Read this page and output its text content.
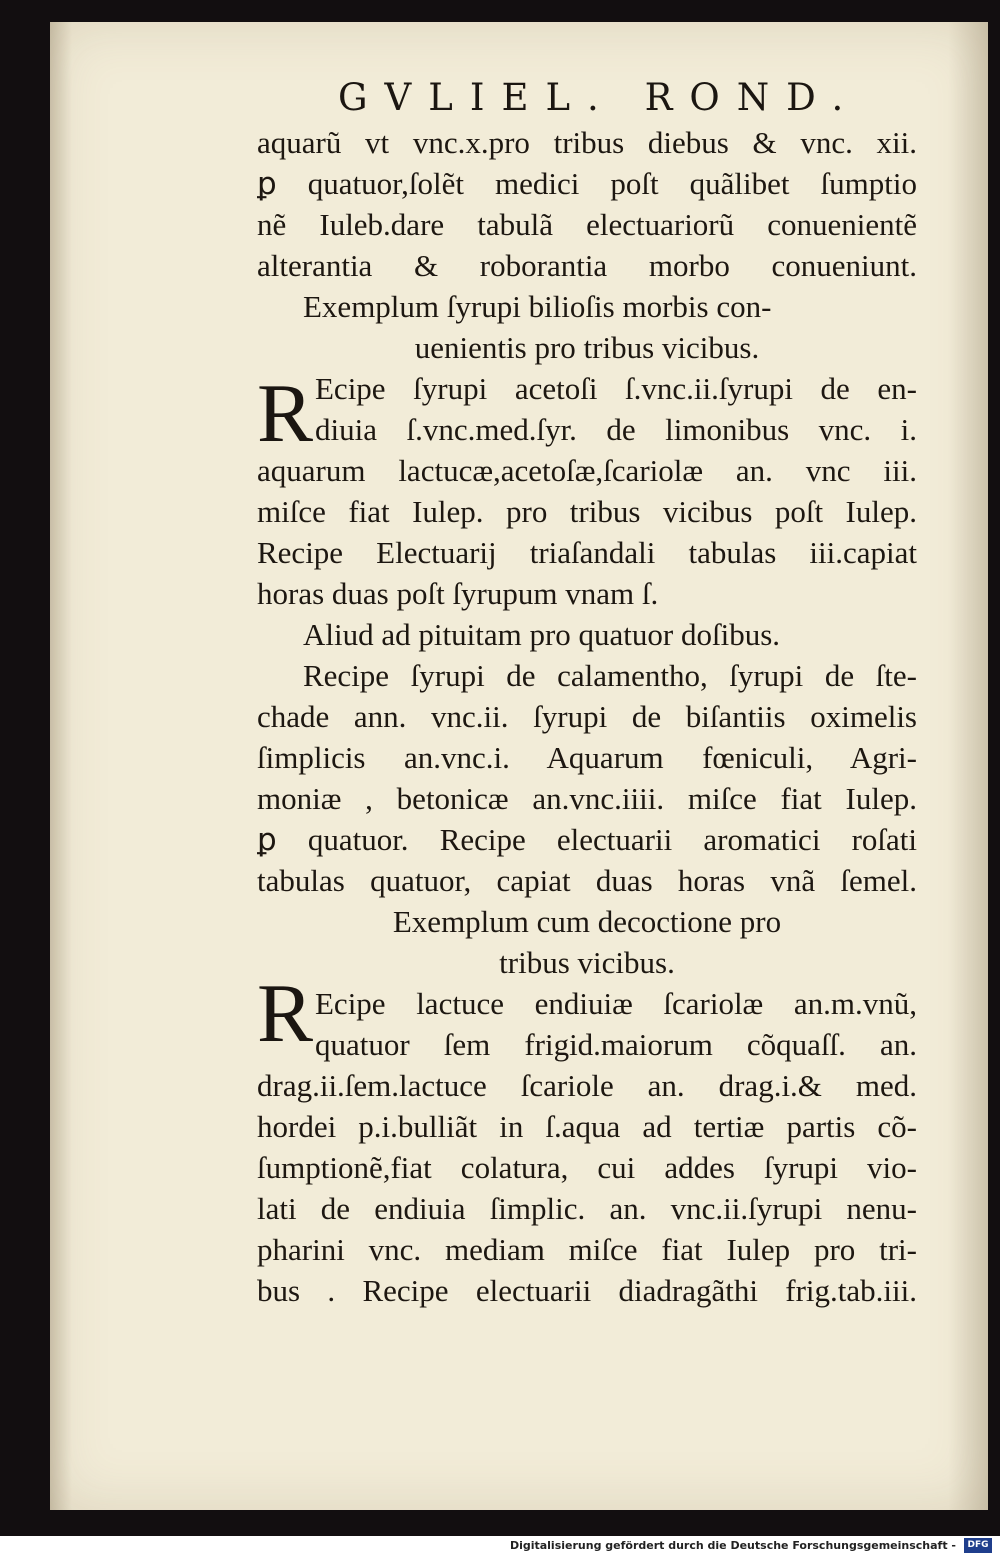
GVLIEL. ROND.
R
R
aquarũ vt vnc.x.pro tribus diebus & vnc. xii.
ꝑ quatuor,ſolẽt medici poſt quãlibet ſumptio
nẽ Iuleb.dare tabulã electuariorũ conuenientẽ
alterantia & roborantia morbo conueniunt.
Exemplum ſyrupi bilioſis morbis con-
uenientis pro tribus vicibus.
Ecipe ſyrupi acetoſi ſ.vnc.ii.ſyrupi de en-
diuia ſ.vnc.med.ſyr. de limonibus vnc. i.
aquarum lactucæ,acetoſæ,ſcariolæ an. vnc iii.
miſce fiat Iulep. pro tribus vicibus poſt Iulep.
Recipe Electuarij triaſandali tabulas iii.capiat
horas duas poſt ſyrupum vnam ſ.
Aliud ad pituitam pro quatuor doſibus.
Recipe ſyrupi de calamentho, ſyrupi de ſte-
chade ann. vnc.ii. ſyrupi de biſantiis oximelis
ſimplicis an.vnc.i. Aquarum fœniculi, Agri-
moniæ , betonicæ an.vnc.iiii. miſce fiat Iulep.
ꝑ quatuor. Recipe electuarii aromatici roſati
tabulas quatuor, capiat duas horas vnã ſemel.
Exemplum cum decoctione pro
tribus vicibus.
Ecipe lactuce endiuiæ ſcariolæ an.m.vnũ,
quatuor ſem frigid.maiorum cõquaſſ. an.
drag.ii.ſem.lactuce ſcariole an. drag.i.& med.
hordei p.i.bulliãt in ſ.aqua ad tertiæ partis cõ-
ſumptionẽ,fiat colatura, cui addes ſyrupi vio-
lati de endiuia ſimplic. an. vnc.ii.ſyrupi nenu-
pharini vnc. mediam miſce fiat Iulep pro tri-
bus . Recipe electuarii diadragãthi frig.tab.iii.
Digitalisierung gefördert durch die Deutsche Forschungsgemeinschaft -	DFG
